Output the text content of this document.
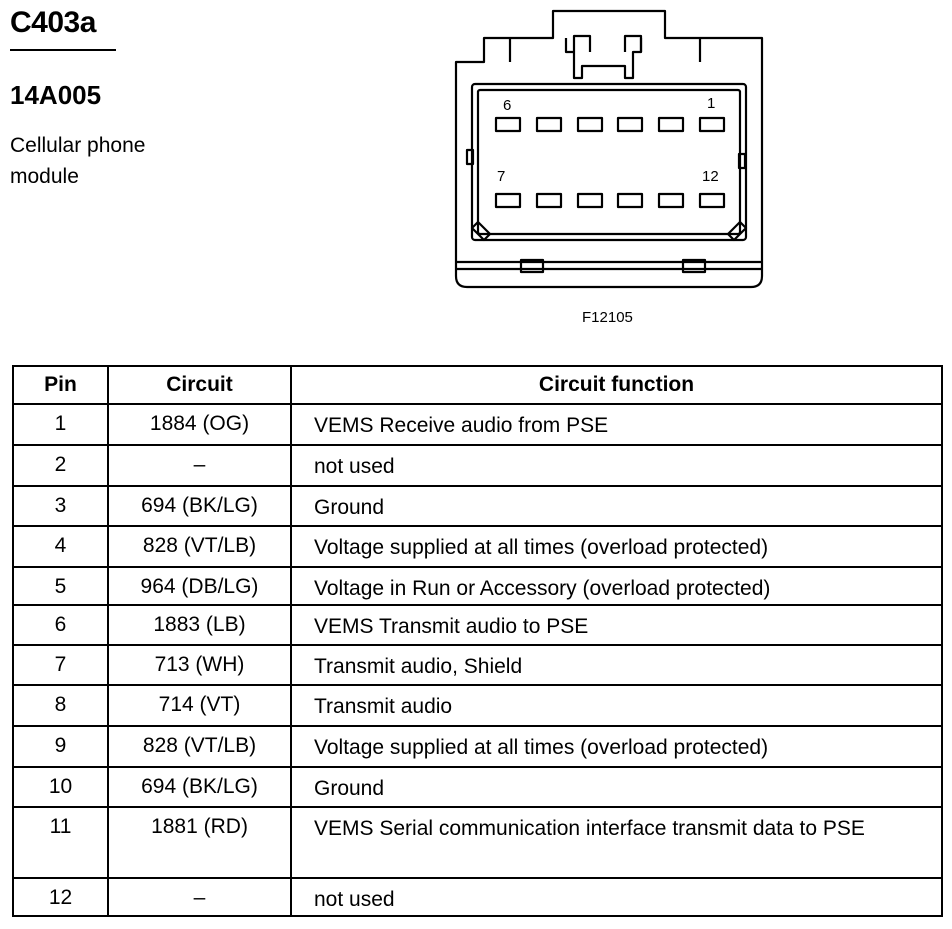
C403a
14A005
Cellular phone module
6	1
7	12
F12105
Pin	Circuit	Circuit function
1	1884 (OG)	VEMS Receive audio from PSE
2	–	not used
3	694 (BK/LG)	Ground
4	828 (VT/LB)	Voltage supplied at all times (overload protected)
5	964 (DB/LG)	Voltage in Run or Accessory (overload protected)
6	1883 (LB)	VEMS Transmit audio to PSE
7	713 (WH)	Transmit audio, Shield
8	714 (VT)	Transmit audio
9	828 (VT/LB)	Voltage supplied at all times (overload protected)
10	694 (BK/LG)	Ground
11	1881 (RD)	VEMS Serial communication interface transmit data to PSE
12	–	not used
